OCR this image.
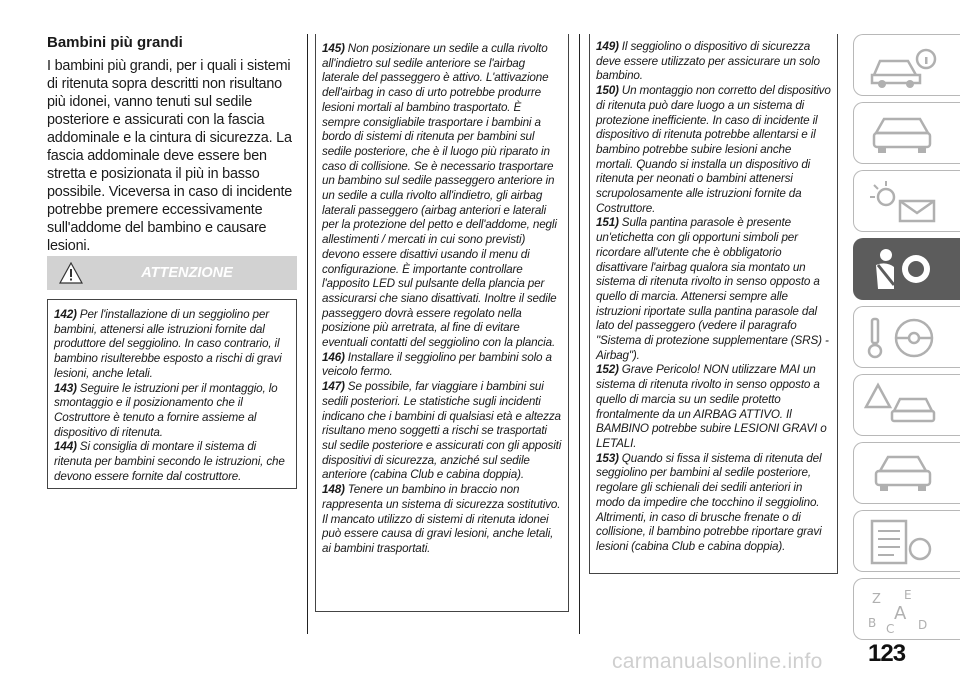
Bambini più grandi

I bambini più grandi, per i quali i sistemi di ritenuta sopra descritti non risultano più idonei, vanno tenuti sul sedile posteriore e assicurati con la fascia addominale e la cintura di sicurezza. La fascia addominale deve essere ben stretta e posizionata il più in basso possibile. Viceversa in caso di incidente potrebbe premere eccessivamente sull'addome del bambino e causare lesioni.

ATTENZIONE

142) Per l'installazione di un seggiolino per bambini, attenersi alle istruzioni fornite dal produttore del seggiolino. In caso contrario, il bambino risulterebbe esposto a rischi di gravi lesioni, anche letali.

143) Seguire le istruzioni per il montaggio, lo smontaggio e il posizionamento che il Costruttore è tenuto a fornire assieme al dispositivo di ritenuta.

144) Si consiglia di montare il sistema di ritenuta per bambini secondo le istruzioni, che devono essere fornite dal costruttore.

145) Non posizionare un sedile a culla rivolto all'indietro sul sedile anteriore se l'airbag laterale del passeggero è attivo. L'attivazione dell'airbag in caso di urto potrebbe produrre lesioni mortali al bambino trasportato. È sempre consigliabile trasportare i bambini a bordo di sistemi di ritenuta per bambini sul sedile posteriore, che è il luogo più riparato in caso di collisione. Se è necessario trasportare un bambino sul sedile passeggero anteriore in un sedile a culla rivolto all'indietro, gli airbag laterali passeggero (airbag anteriori e laterali per la protezione del petto e dell'addome, negli allestimenti / mercati in cui sono previsti) devono essere disattivi usando il menu di configurazione. È importante controllare l'apposito LED sul pulsante della plancia per assicurarsi che siano disattivati. Inoltre il sedile passeggero dovrà essere regolato nella posizione più arretrata, al fine di evitare eventuali contatti del seggiolino con la plancia.

146) Installare il seggiolino per bambini solo a veicolo fermo.

147) Se possibile, far viaggiare i bambini sui sedili posteriori. Le statistiche sugli incidenti indicano che i bambini di qualsiasi età e altezza risultano meno soggetti a rischi se trasportati sul sedile posteriore e assicurati con gli appositi dispositivi di sicurezza, anziché sul sedile anteriore (cabina Club e cabina doppia).

148) Tenere un bambino in braccio non rappresenta un sistema di sicurezza sostitutivo. Il mancato utilizzo di sistemi di ritenuta idonei può essere causa di gravi lesioni, anche letali, ai bambini trasportati.

149) Il seggiolino o dispositivo di sicurezza deve essere utilizzato per assicurare un solo bambino.

150) Un montaggio non corretto del dispositivo di ritenuta può dare luogo a un sistema di protezione inefficiente. In caso di incidente il dispositivo di ritenuta potrebbe allentarsi e il bambino potrebbe subire lesioni anche mortali. Quando si installa un dispositivo di ritenuta per neonati o bambini attenersi scrupolosamente alle istruzioni fornite da Costruttore.

151) Sulla pantina parasole è presente un'etichetta con gli opportuni simboli per ricordare all'utente che è obbligatorio disattivare l'airbag qualora sia montato un sistema di ritenuta rivolto in senso opposto a quello di marcia. Attenersi sempre alle istruzioni riportate sulla pantina parasole dal lato del passeggero (vedere il paragrafo "Sistema di protezione supplementare (SRS) - Airbag").

152) Grave Pericolo! NON utilizzare MAI un sistema di ritenuta rivolto in senso opposto a quello di marcia su un sedile protetto frontalmente da un AIRBAG ATTIVO. Il BAMBINO potrebbe subire LESIONI GRAVI o LETALI.

153) Quando si fissa il sistema di ritenuta del seggiolino per bambini al sedile posteriore, regolare gli schienali dei sedili anteriori in modo da impedire che tocchino il seggiolino. Altrimenti, in caso di brusche frenate o di collisione, il bambino potrebbe riportare gravi lesioni (cabina Club e cabina doppia).

Z E
A
B C D
123
carmanualsonline.info
